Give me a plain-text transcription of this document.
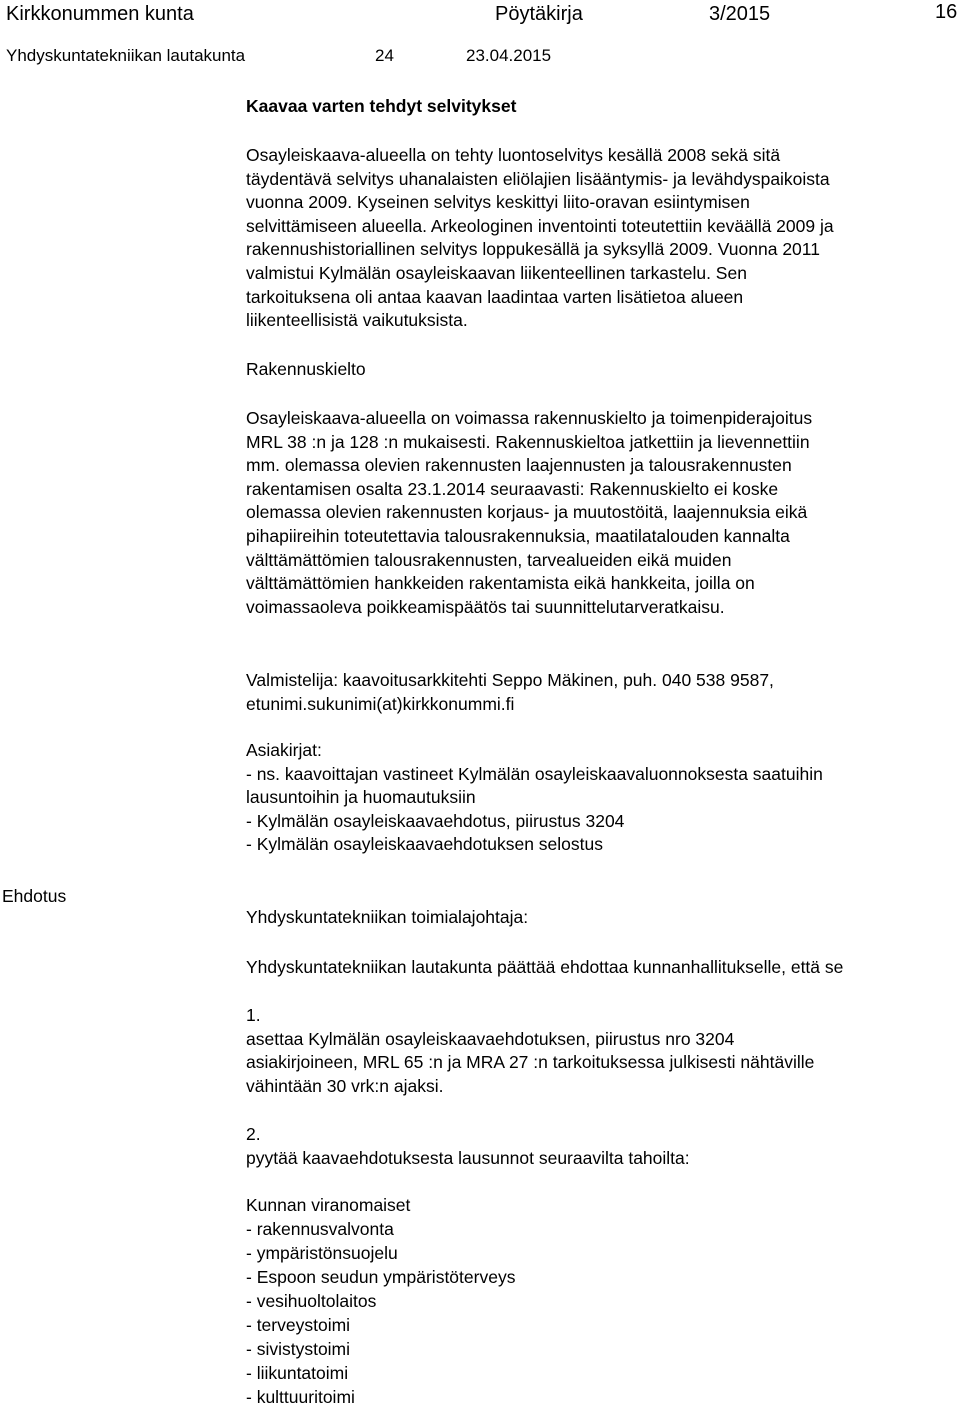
Kirkkonummen kunta	Pöytäkirja	3/2015	16
Yhdyskuntatekniikan lautakunta	24	23.04.2015
Kaavaa varten tehdyt selvitykset
Osayleiskaava-alueella on tehty luontoselvitys kesällä 2008 sekä sitä
täydentävä selvitys uhanalaisten eliölajien lisääntymis- ja levähdyspaikoista
vuonna 2009. Kyseinen selvitys keskittyi liito-oravan esiintymisen
selvittämiseen alueella. Arkeologinen inventointi toteutettiin keväällä 2009 ja
rakennushistoriallinen selvitys loppukesällä ja syksyllä 2009. Vuonna 2011
valmistui Kylmälän osayleiskaavan liikenteellinen tarkastelu. Sen
tarkoituksena oli antaa kaavan laadintaa varten lisätietoa alueen
liikenteellisistä vaikutuksista.
Rakennuskielto
Osayleiskaava-alueella on voimassa rakennuskielto ja toimenpiderajoitus
MRL 38 :n ja 128 :n mukaisesti. Rakennuskieltoa jatkettiin ja lievennettiin
mm. olemassa olevien rakennusten laajennusten ja talousrakennusten
rakentamisen osalta 23.1.2014 seuraavasti: Rakennuskielto ei koske
olemassa olevien rakennusten korjaus- ja muutostöitä, laajennuksia eikä
pihapiireihin toteutettavia talousrakennuksia, maatilatalouden kannalta
välttämättömien talousrakennusten, tarvealueiden eikä muiden
välttämättömien hankkeiden rakentamista eikä hankkeita, joilla on
voimassaoleva poikkeamispäätös tai suunnittelutarveratkaisu.
Valmistelija: kaavoitusarkkitehti Seppo Mäkinen, puh. 040 538 9587,
etunimi.sukunimi(at)kirkkonummi.fi
Asiakirjat:
- ns. kaavoittajan vastineet Kylmälän osayleiskaavaluonnoksesta saatuihin
lausuntoihin ja huomautuksiin
- Kylmälän osayleiskaavaehdotus, piirustus 3204
- Kylmälän osayleiskaavaehdotuksen selostus
Ehdotus
Yhdyskuntatekniikan toimialajohtaja:
Yhdyskuntatekniikan lautakunta päättää ehdottaa kunnanhallitukselle, että se
1.
asettaa Kylmälän osayleiskaavaehdotuksen, piirustus nro 3204
asiakirjoineen, MRL 65 :n ja MRA 27 :n tarkoituksessa julkisesti nähtäville
vähintään 30 vrk:n ajaksi.
2.
pyytää kaavaehdotuksesta lausunnot seuraavilta tahoilta:
Kunnan viranomaiset
- rakennusvalvonta
- ympäristönsuojelu
- Espoon seudun ympäristöterveys
- vesihuoltolaitos
- terveystoimi
- sivistystoimi
- liikuntatoimi
- kulttuuritoimi
